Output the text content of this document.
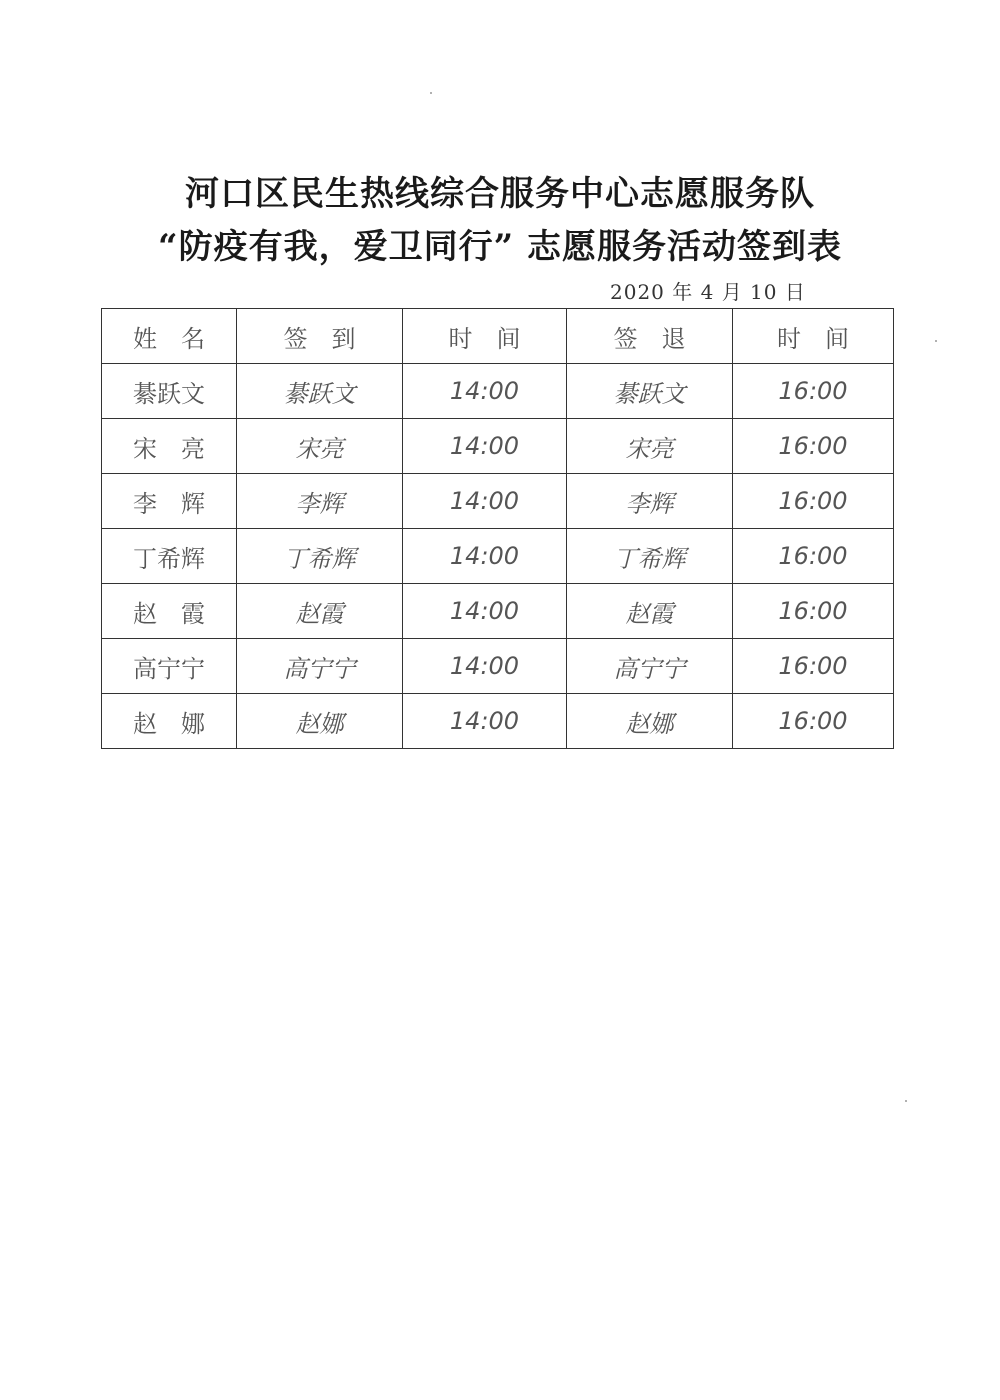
河口区民生热线综合服务中心志愿服务队
“防疫有我，爱卫同行” 志愿服务活动签到表
2020 年 4 月 10 日
姓　名	签　到	时　间	签　退	时　间
綦跃文	綦跃文	14:00	綦跃文	16:00
宋　亮	宋亮	14:00	宋亮	16:00
李　辉	李辉	14:00	李辉	16:00
丁希辉	丁希辉	14:00	丁希辉	16:00
赵　霞	赵霞	14:00	赵霞	16:00
高宁宁	高宁宁	14:00	高宁宁	16:00
赵　娜	赵娜	14:00	赵娜	16:00
